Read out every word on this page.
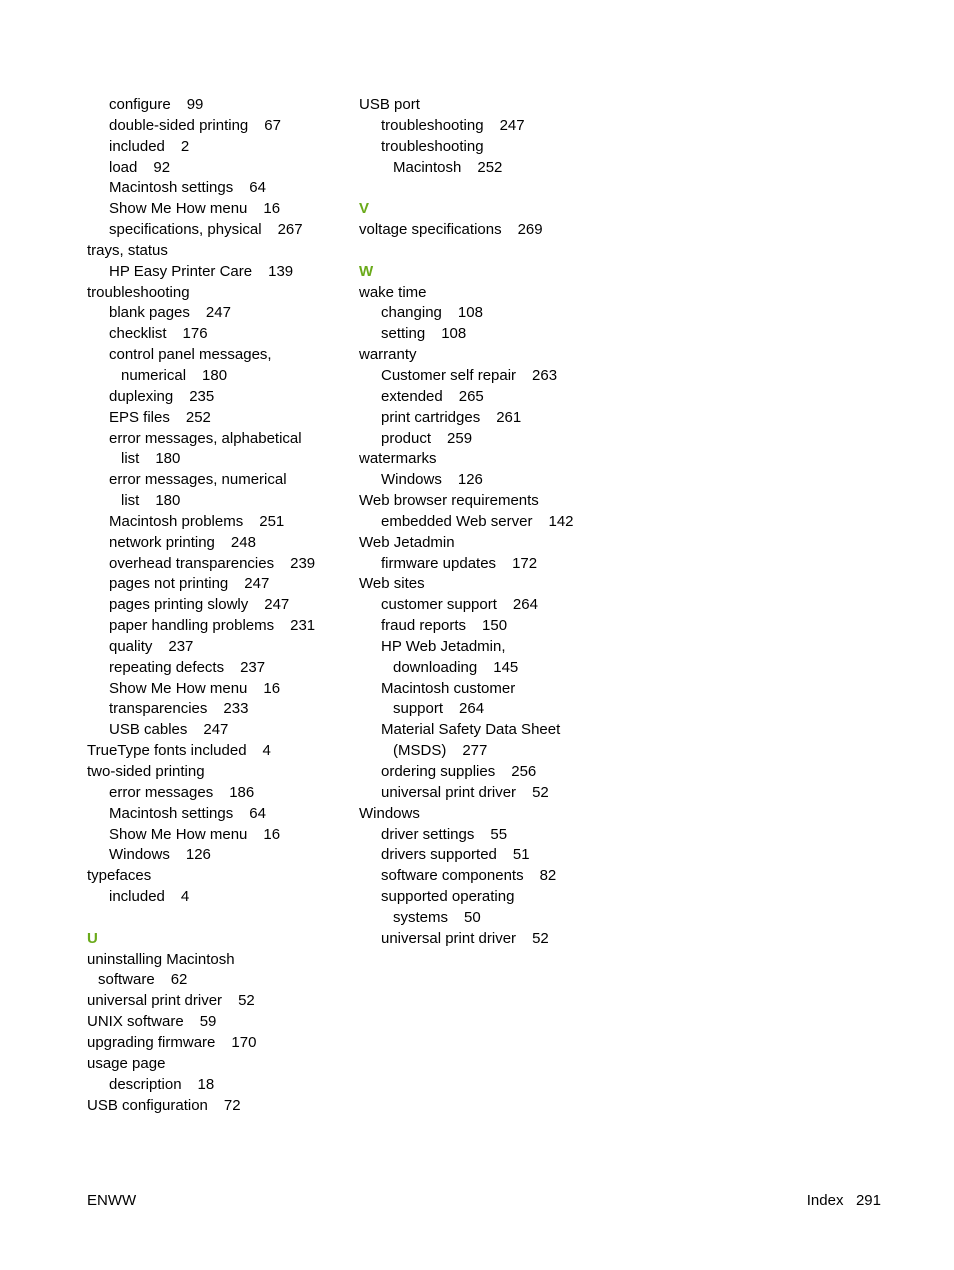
configure 99
double-sided printing 67
included 2
load 92
Macintosh settings 64
Show Me How menu 16
specifications, physical 267
trays, status
HP Easy Printer Care 139
troubleshooting
blank pages 247
checklist 176
control panel messages,
numerical 180
duplexing 235
EPS files 252
error messages, alphabetical
list 180
error messages, numerical
list 180
Macintosh problems 251
network printing 248
overhead transparencies 239
pages not printing 247
pages printing slowly 247
paper handling problems 231
quality 237
repeating defects 237
Show Me How menu 16
transparencies 233
USB cables 247
TrueType fonts included 4
two-sided printing
error messages 186
Macintosh settings 64
Show Me How menu 16
Windows 126
typefaces
included 4
U
uninstalling Macintosh
software 62
universal print driver 52
UNIX software 59
upgrading firmware 170
usage page
description 18
USB configuration 72
USB port
troubleshooting 247
troubleshooting
Macintosh 252
V
voltage specifications 269
W
wake time
changing 108
setting 108
warranty
Customer self repair 263
extended 265
print cartridges 261
product 259
watermarks
Windows 126
Web browser requirements
embedded Web server 142
Web Jetadmin
firmware updates 172
Web sites
customer support 264
fraud reports 150
HP Web Jetadmin,
downloading 145
Macintosh customer
support 264
Material Safety Data Sheet
(MSDS) 277
ordering supplies 256
universal print driver 52
Windows
driver settings 55
drivers supported 51
software components 82
supported operating
systems 50
universal print driver 52
ENWW	Index   291
